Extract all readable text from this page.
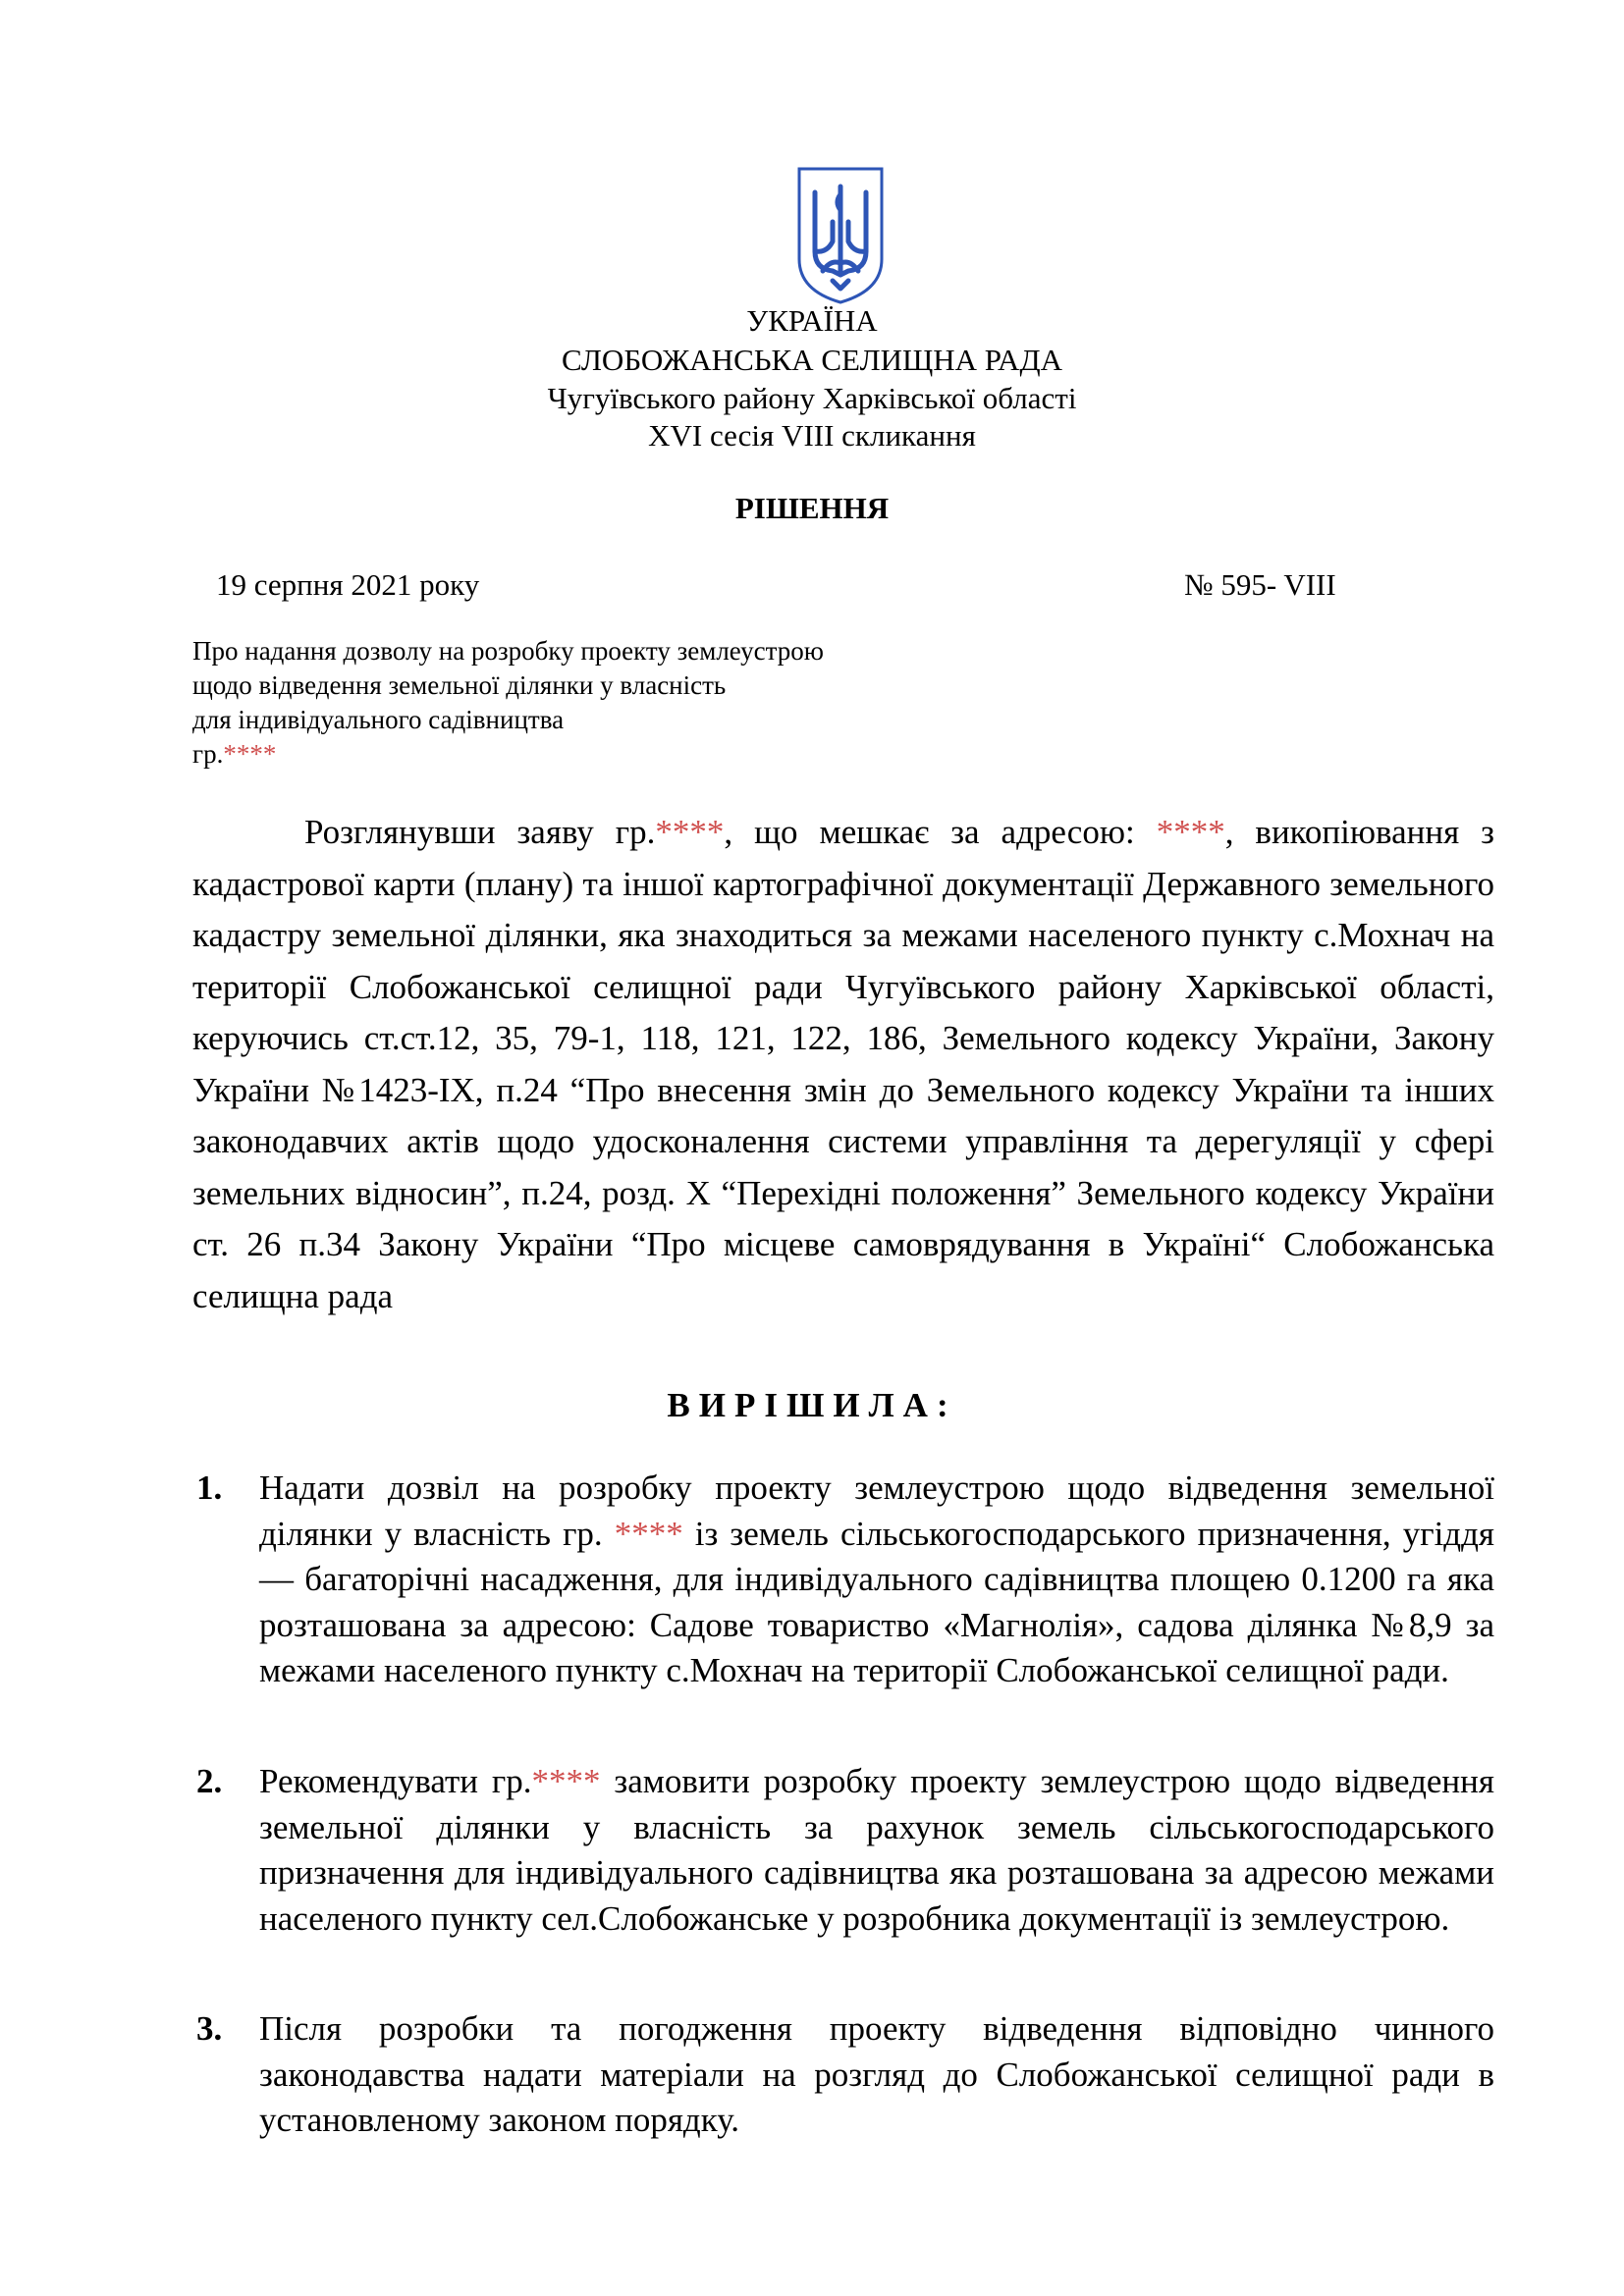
УКРАЇНА
СЛОБОЖАНСЬКА СЕЛИЩНА РАДА
Чугуївського району Харківської області
XVI сесія VIII скликання
РІШЕННЯ
19 серпня 2021 року	№ 595- VIII
Про надання дозволу на розробку проекту землеустрою
щодо відведення земельної ділянки у власність
для індивідуального садівництва
гр.****

Розглянувши заяву гр.****, що мешкає за адресою: ****, викопіювання з кадастрової карти (плану) та іншої картографічної документації Державного земельного кадастру земельної ділянки, яка знаходиться за межами населеного пункту с.Мохнач на території Слобожанської селищної ради Чугуївського району Харківської області, керуючись ст.ст.12, 35, 79-1, 118, 121, 122, 186, Земельного кодексу України, Закону України №1423-IX, п.24 “Про внесення змін до Земельного кодексу України та інших законодавчих актів щодо удосконалення системи управління та дерегуляції у сфері земельних відносин”, п.24, розд. Х “Перехідні положення” Земельного кодексу України ст. 26 п.34 Закону України “Про місцеве самоврядування в Україні“ Слобожанська селищна рада

ВИРІШИЛА:
1. Надати дозвіл на розробку проекту землеустрою щодо відведення земельної ділянки у власність гр. **** із земель сільськогосподарського призначення, угіддя — багаторічні насадження, для індивідуального садівництва площею 0.1200 га яка розташована за адресою: Садове товариство «Магнолія», садова ділянка №8,9 за межами населеного пункту с.Мохнач на території Слобожанської селищної ради.
2. Рекомендувати гр.**** замовити розробку проекту землеустрою щодо відведення земельної ділянки у власність за рахунок земель сільськогосподарського призначення для індивідуального садівництва яка розташована за адресою межами населеного пункту сел.Слобожанське у розробника документації із землеустрою.
3. Після розробки та погодження проекту відведення відповідно чинного законодавства надати матеріали на розгляд до Слобожанської селищної ради в установленому законом порядку.
